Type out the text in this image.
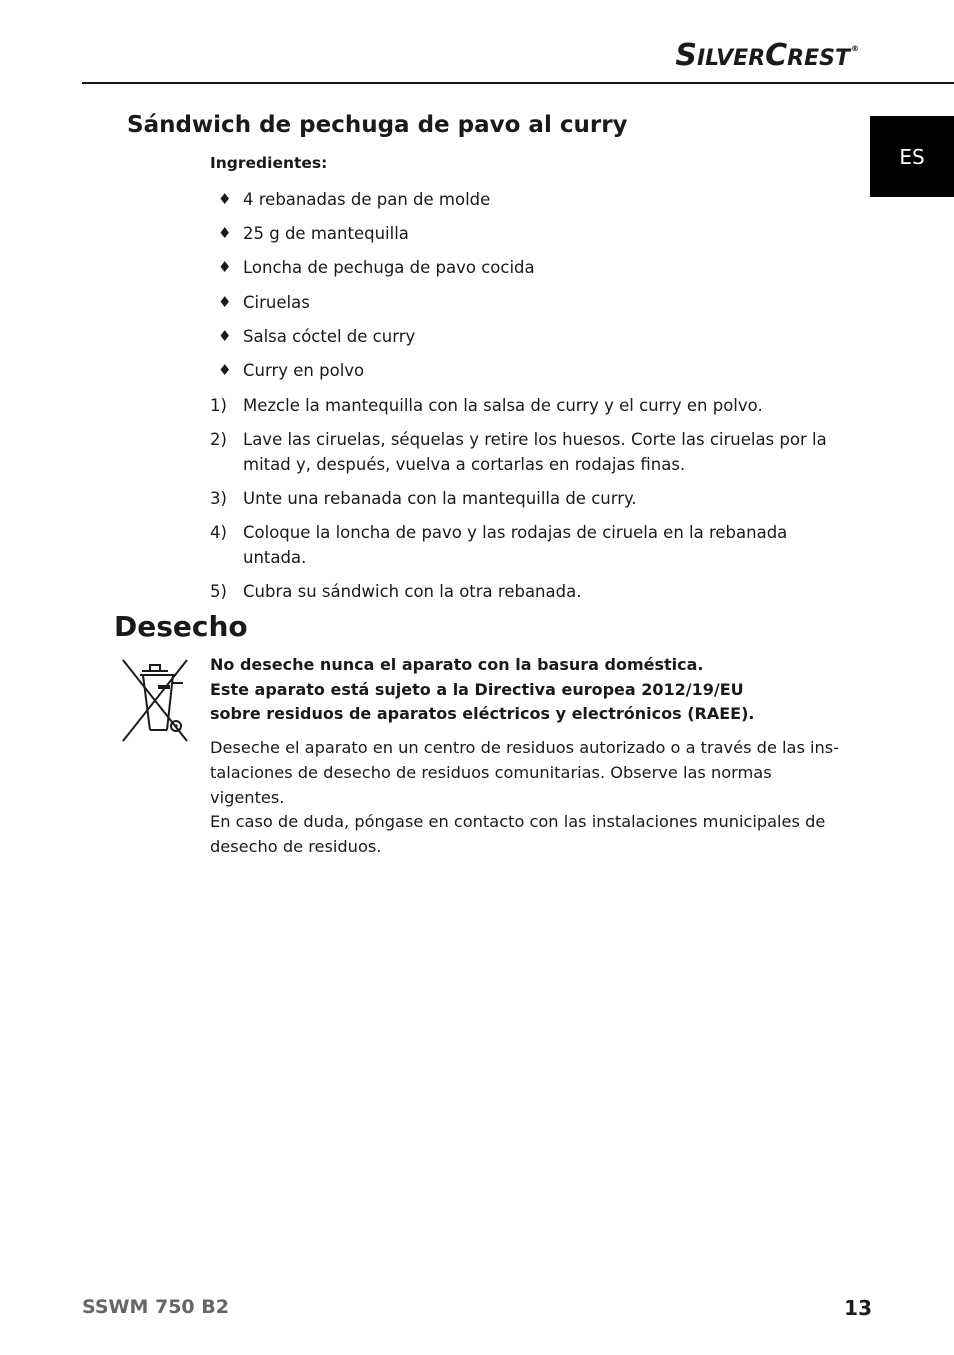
SILVERCREST®
ES
Sándwich de pechuga de pavo al curry

Ingredientes:

♦ 4 rebanadas de pan de molde
♦ 25 g de mantequilla
♦ Loncha de pechuga de pavo cocida
♦ Ciruelas
♦ Salsa cóctel de curry
♦ Curry en polvo
1) Mezcle la mantequilla con la salsa de curry y el curry en polvo.
2) Lave las ciruelas, séquelas y retire los huesos. Corte las ciruelas por la mitad y, después, vuelva a cortarlas en rodajas finas.
3) Unte una rebanada con la mantequilla de curry.
4) Coloque la loncha de pavo y las rodajas de ciruela en la rebanada untada.
5) Cubra su sándwich con la otra rebanada.
Desecho

No deseche nunca el aparato con la basura doméstica.
Este aparato está sujeto a la Directiva europea 2012/19/EU
sobre residuos de aparatos eléctricos y electrónicos (RAEE).

Deseche el aparato en un centro de residuos autorizado o a través de las ins-
talaciones de desecho de residuos comunitarias. Observe las normas vigentes.
En caso de duda, póngase en contacto con las instalaciones municipales de
desecho de residuos.

SSWM 750 B2	13
